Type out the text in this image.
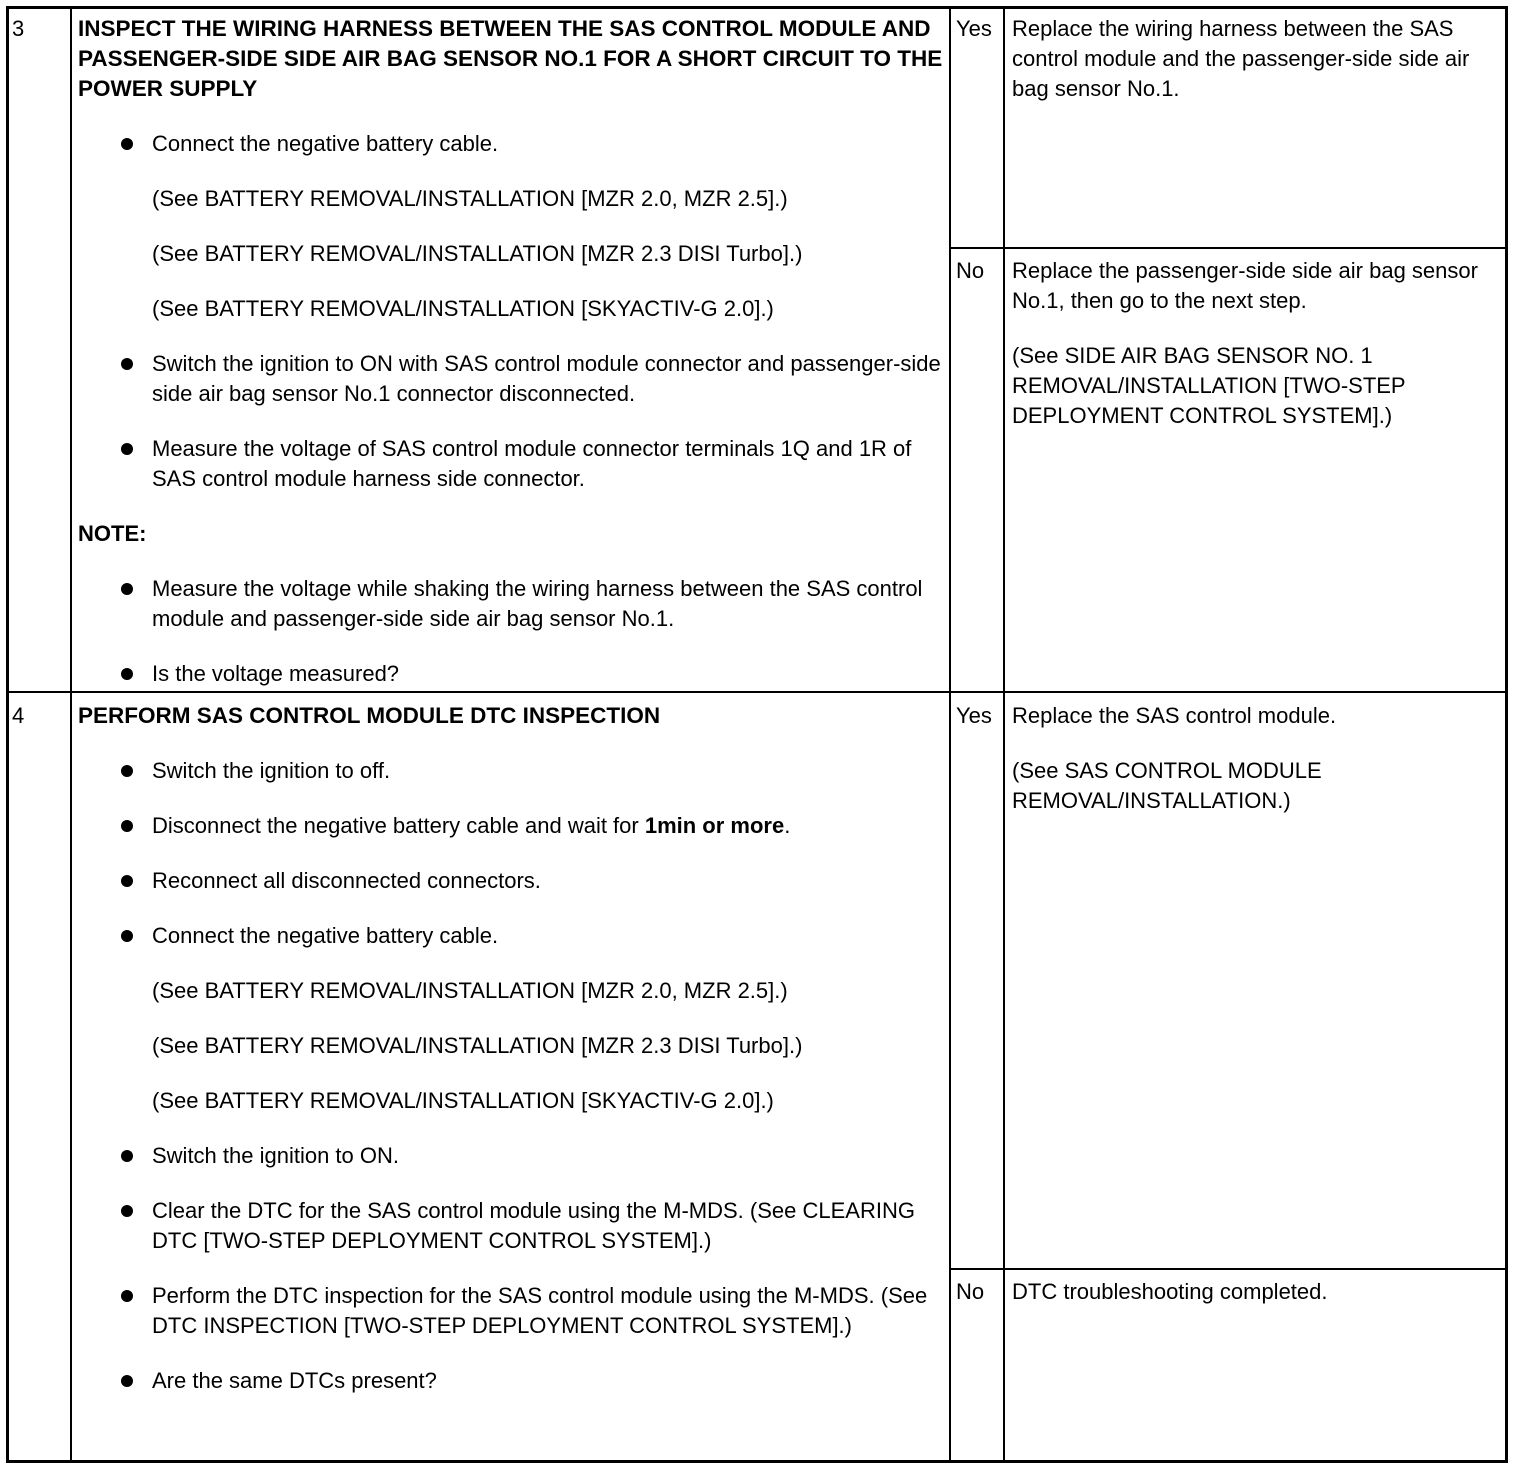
3	INSPECT THE WIRING HARNESS BETWEEN THE SAS CONTROL MODULE AND PASSENGER-SIDE SIDE AIR BAG SENSOR NO.1 FOR A SHORT CIRCUIT TO THE POWER SUPPLY

Connect the negative battery cable.
(See BATTERY REMOVAL/INSTALLATION [MZR 2.0, MZR 2.5].)
(See BATTERY REMOVAL/INSTALLATION [MZR 2.3 DISI Turbo].)
(See BATTERY REMOVAL/INSTALLATION [SKYACTIV-G 2.0].)
Switch the ignition to ON with SAS control module connector and passenger-side side air bag sensor No.1 connector disconnected.
Measure the voltage of SAS control module connector terminals 1Q and 1R of SAS control module harness side connector.
NOTE:
Measure the voltage while shaking the wiring harness between the SAS control module and passenger-side side air bag sensor No.1.
Is the voltage measured?
Yes Replace the wiring harness between the SAS control module and the passenger-side side air bag sensor No.1.

No	Replace the passenger-side side air bag sensor No.1, then go to the next step.

(See SIDE AIR BAG SENSOR NO. 1 REMOVAL/INSTALLATION [TWO-STEP DEPLOYMENT CONTROL SYSTEM].)

4	PERFORM SAS CONTROL MODULE DTC INSPECTION

Switch the ignition to off.
Disconnect the negative battery cable and wait for 1min or more.
Reconnect all disconnected connectors.
Connect the negative battery cable.
(See BATTERY REMOVAL/INSTALLATION [MZR 2.0, MZR 2.5].)
(See BATTERY REMOVAL/INSTALLATION [MZR 2.3 DISI Turbo].)
(See BATTERY REMOVAL/INSTALLATION [SKYACTIV-G 2.0].)
Switch the ignition to ON.
Clear the DTC for the SAS control module using the M-MDS. (See CLEARING DTC [TWO-STEP DEPLOYMENT CONTROL SYSTEM].)
Perform the DTC inspection for the SAS control module using the M-MDS. (See DTC INSPECTION [TWO-STEP DEPLOYMENT CONTROL SYSTEM].)
Are the same DTCs present?
Yes Replace the SAS control module.

(See SAS CONTROL MODULE REMOVAL/INSTALLATION.)

No	DTC troubleshooting completed.
